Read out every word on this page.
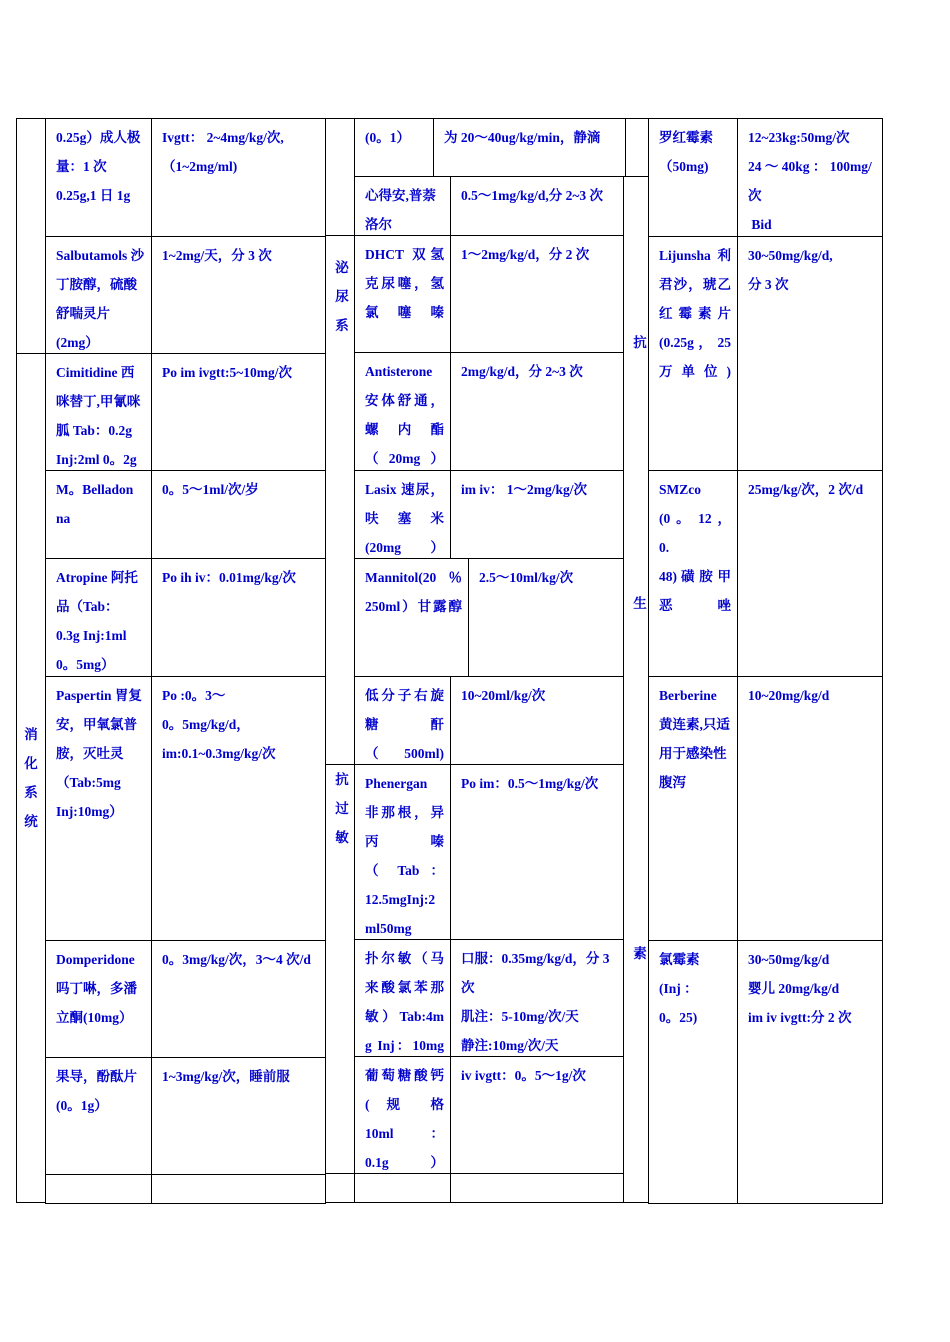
0.25g）成人极量：1 次
0.25g,1 日 1g

Ivgtt： 2~4mg/kg/次,
（1~2mg/ml)

Salbutamols 沙丁胺醇，硫酸舒喘灵片
(2mg）

1~2mg/天，分 3 次

Cimitidine 西咪替丁,甲氰咪胍 Tab：0.2g
Inj:2ml 0。2g

Po im ivgtt:5~10mg/次

M。Belladon
na

0。5～1ml/次/岁

Atropine 阿托品（Tab：
0.3g Inj:1ml
0。5mg）

Po ih iv：0.01mg/kg/次

Paspertin 胃复安，甲氧氯普胺，灭吐灵
（Tab:5mg
Inj:10mg）

Po :0。3～
0。5mg/kg/d，
im:0.1~0.3mg/kg/次

Domperidone 吗丁啉，多潘立酮(10mg）

0。3mg/kg/次，3～4 次/d

果导，酚酞片
(0。1g）

1~3mg/kg/次，睡前服

(0。1）	为 20～40ug/kg/min，静滴

心得安,普萘洛尔

0.5～1mg/kg/d,分 2~3 次

DHCT 双氢克尿噻，氢氯噻嗪

1～2mg/kg/d，分 2 次

Antisterone 安体舒通，螺 内 酯
（20mg）

2mg/kg/d，分 2~3 次

Lasix 速尿，呋 塞 米
(20mg）

im iv： 1～2mg/kg/次

Mannitol(20 ％ 250ml）甘露醇

2.5～10ml/kg/次

低分子右旋糖 酐
（500ml)

10~20ml/kg/次

Phenergan 非那根，异丙 嗪
（ Tab ：
12.5mgInj:2
ml50mg

Po im：0.5～1mg/kg/次

扑尔敏（马来酸氯苯那敏）Tab:4m
g Inj：10mg

口服：0.35mg/kg/d，分 3 次
肌注：5-10mg/次/天
静注:10mg/次/天

葡萄糖酸钙
( 规 格
10ml ：
0.1g）

iv ivgtt：0。5～1g/次

罗红霉素
（50mg)

12~23kg:50mg/次
24 ～ 40kg ： 100mg/次
Bid

Lijunsha 利君沙，琥乙红 霉 素 片
(0.25g ， 25
万单位)

30~50mg/kg/d,
分 3 次

SMZco
(0 。 12 ， 0.
48) 磺 胺 甲
恶唑

25mg/kg/次，2 次/d

Berberine
黄连素,只适用于感染性腹泻

10~20mg/kg/d

氯霉素
(Inj ：
0。25)

30~50mg/kg/d
婴儿 20mg/kg/d
im iv ivgtt:分 2 次

消
化
系
统
泌
尿
系
抗
过
敏
抗
生
素
